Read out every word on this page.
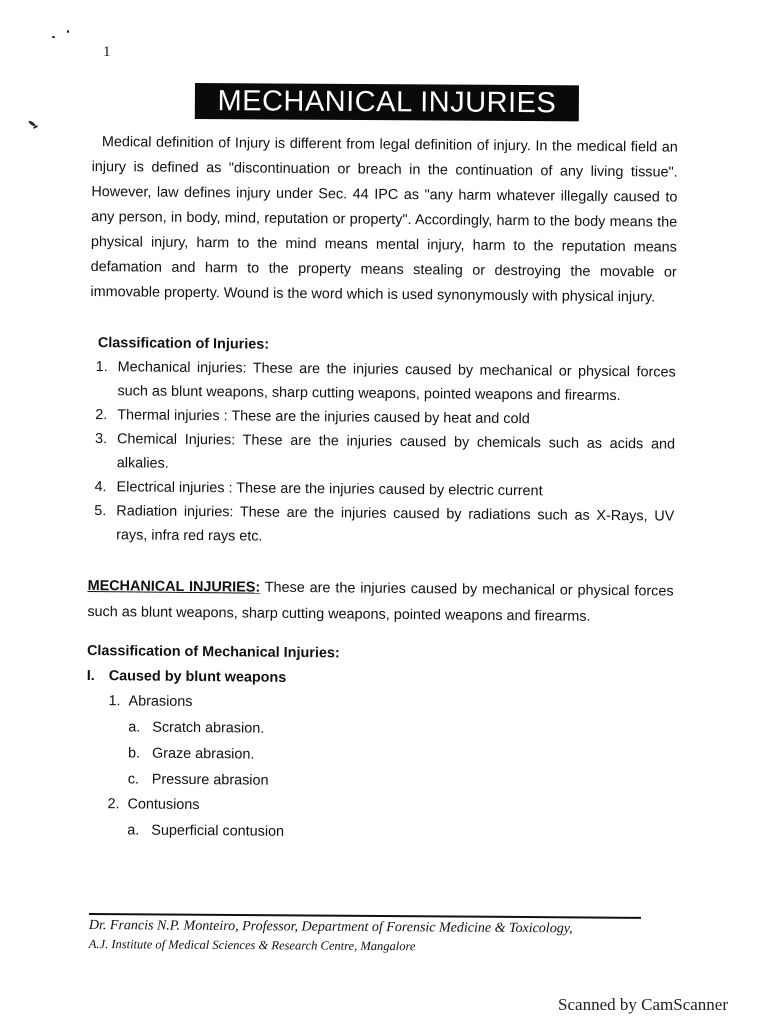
1
MECHANICAL INJURIES

Medical definition of Injury is different from legal definition of injury. In the medical field an injury is defined as "discontinuation or breach in the continuation of any living tissue". However, law defines injury under Sec. 44 IPC as "any harm whatever illegally caused to any person, in body, mind, reputation or property". Accordingly, harm to the body means the physical injury, harm to the mind means mental injury, harm to the reputation means defamation and harm to the property means stealing or destroying the movable or immovable property. Wound is the word which is used synonymously with physical injury.

Classification of Injuries:
1. Mechanical injuries: These are the injuries caused by mechanical or physical forces such as blunt weapons, sharp cutting weapons, pointed weapons and firearms.
2. Thermal injuries : These are the injuries caused by heat and cold
3. Chemical Injuries: These are the injuries caused by chemicals such as acids and alkalies.
4. Electrical injuries : These are the injuries caused by electric current
5. Radiation injuries: These are the injuries caused by radiations such as X-Rays, UV rays, infra red rays etc.

MECHANICAL INJURIES: These are the injuries caused by mechanical or physical forces such as blunt weapons, sharp cutting weapons, pointed weapons and firearms.

Classification of Mechanical Injuries:
I. Caused by blunt weapons
1. Abrasions
a. Scratch abrasion.
b. Graze abrasion.
c. Pressure abrasion
2. Contusions
a. Superficial contusion
Dr. Francis N.P. Monteiro, Professor, Department of Forensic Medicine & Toxicology,
A.J. Institute of Medical Sciences & Research Centre, Mangalore
Scanned by CamScanner
